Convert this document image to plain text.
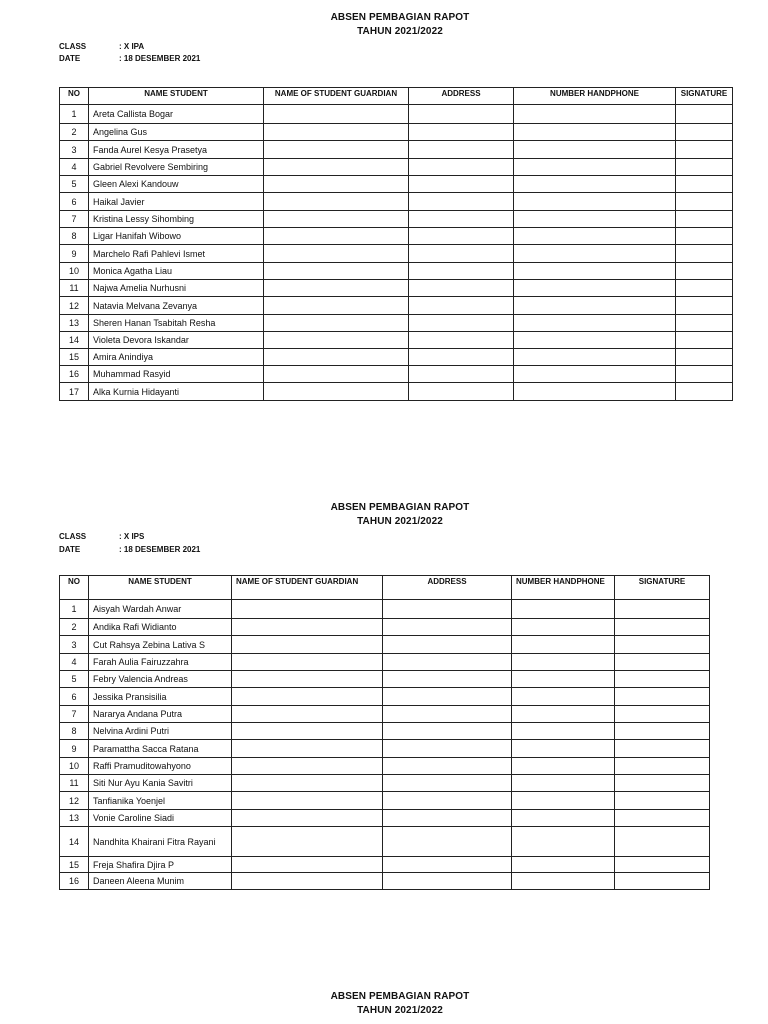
ABSEN PEMBAGIAN RAPOT
TAHUN 2021/2022
CLASS	: X IPA
DATE	: 18 DESEMBER 2021
NO	NAME STUDENT	NAME OF STUDENT GUARDIAN	ADDRESS	NUMBER HANDPHONE	SIGNATURE
1	Areta Callista Bogar				
2	Angelina Gus				
3	Fanda Aurel Kesya Prasetya				
4	Gabriel Revolvere Sembiring				
5	Gleen Alexi Kandouw				
6	Haikal Javier				
7	Kristina Lessy Sihombing				
8	Ligar Hanifah Wibowo				
9	Marchelo Rafi Pahlevi Ismet				
10	Monica Agatha Liau				
11	Najwa Amelia Nurhusni				
12	Natavia Melvana Zevanya				
13	Sheren Hanan Tsabitah Resha				
14	Violeta Devora Iskandar				
15	Amira Anindiya				
16	Muhammad Rasyid				
17	Alka Kurnia Hidayanti				
ABSEN PEMBAGIAN RAPOT
TAHUN 2021/2022
CLASS	: X IPS
DATE	: 18 DESEMBER 2021
NO	NAME STUDENT	NAME OF STUDENT GUARDIAN	ADDRESS	NUMBER HANDPHONE	SIGNATURE
1	Aisyah Wardah Anwar				
2	Andika Rafi Widianto				
3	Cut Rahsya Zebina Lativa S				
4	Farah Aulia Fairuzzahra				
5	Febry Valencia Andreas				
6	Jessika Pransisilia				
7	Nararya Andana Putra				
8	Nelvina Ardini Putri				
9	Paramattha Sacca Ratana				
10	Raffi Pramuditowahyono				
11	Siti Nur Ayu Kania Savitri				
12	Tanfianika Yoenjel				
13	Vonie Caroline Siadi				
14	Nandhita Khairani Fitra Rayani				
15	Freja Shafira Djira P				
16	Daneen Aleena Munim				
ABSEN PEMBAGIAN RAPOT
TAHUN 2021/2022
